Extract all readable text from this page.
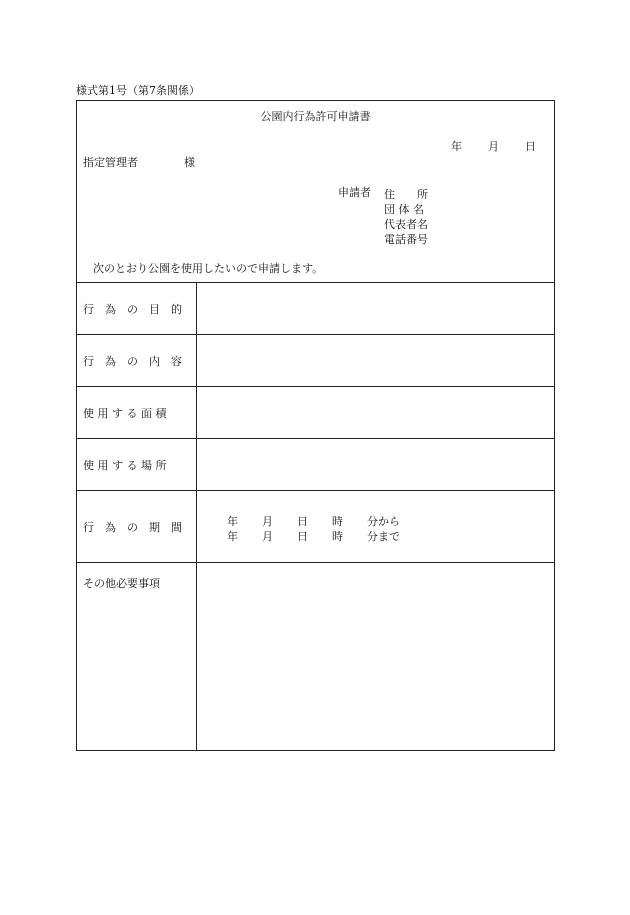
様式第1号（第7条関係）
公園内行為許可申請書
年 月 日
指定管理者	様
申請者 住　　所
団 体 名
代表者名
電話番号
次のとおり公園を使用したいので申請します。
行　為　の　目　的
行　為　の　内　容
使 用 す る 面 積
使 用 す る 場 所
行　為　の　期　間	年 月 日 時 分から
年 月 日 時 分まで
その他必要事項
